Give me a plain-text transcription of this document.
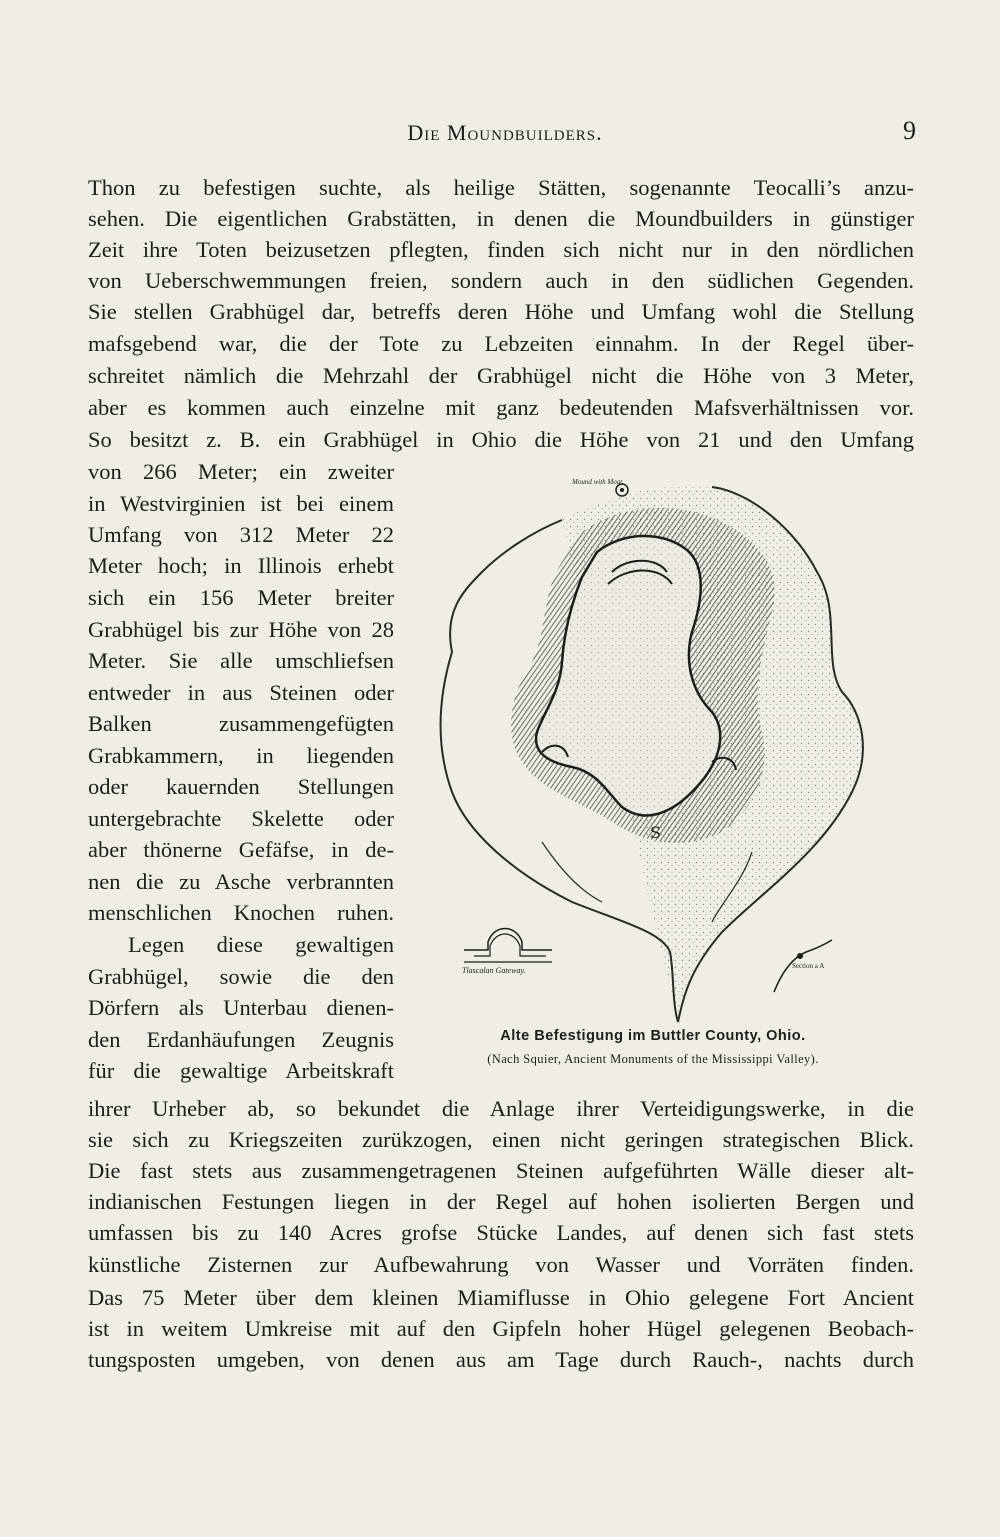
Die Moundbuilders.	9
Thon zu befestigen suchte, als heilige Stätten, sogenannte Teocalli’s anzu-
sehen. Die eigentlichen Grabstätten, in denen die Moundbuilders in günstiger
Zeit ihre Toten beizusetzen pflegten, finden sich nicht nur in den nördlichen
von Ueberschwemmungen freien, sondern auch in den südlichen Gegenden.
Sie stellen Grabhügel dar, betreffs deren Höhe und Umfang wohl die Stellung
mafsgebend war, die der Tote zu Lebzeiten einnahm. In der Regel über-
schreitet nämlich die Mehrzahl der Grabhügel nicht die Höhe von 3 Meter,
aber es kommen auch einzelne mit ganz bedeutenden Mafsverhältnissen vor.
So besitzt z. B. ein Grabhügel in Ohio die Höhe von 21 und den Umfang
von 266 Meter; ein zweiter
in Westvirginien ist bei einem
Umfang von 312 Meter 22
Meter hoch; in Illinois erhebt
sich ein 156 Meter breiter
Grabhügel bis zur Höhe von 28
Meter. Sie alle umschliefsen
entweder in aus Steinen oder
Balken zusammengefügten
Grabkammern, in liegenden
oder kauernden Stellungen
untergebrachte Skelette oder
aber thönerne Gefäfse, in de-
nen die zu Asche verbrannten
menschlichen Knochen ruhen.
Legen diese gewaltigen
Grabhügel, sowie die den
Dörfern als Unterbau dienen-
den Erdanhäufungen Zeugnis
für die gewaltige Arbeitskraft
S
Mound with Moat
Tlascalan Gateway.	Section a A
Alte Befestigung im Buttler County, Ohio.
(Nach Squier, Ancient Monuments of the Mississippi Valley).
ihrer Urheber ab, so bekundet die Anlage ihrer Verteidigungswerke, in die
sie sich zu Kriegszeiten zurükzogen, einen nicht geringen strategischen Blick.
Die fast stets aus zusammengetragenen Steinen aufgeführten Wälle dieser alt-
indianischen Festungen liegen in der Regel auf hohen isolierten Bergen und
umfassen bis zu 140 Acres grofse Stücke Landes, auf denen sich fast stets
künstliche Zisternen zur Aufbewahrung von Wasser und Vorräten finden.
Das 75 Meter über dem kleinen Miamiflusse in Ohio gelegene Fort Ancient
ist in weitem Umkreise mit auf den Gipfeln hoher Hügel gelegenen Beobach-
tungsposten umgeben, von denen aus am Tage durch Rauch-, nachts durch
